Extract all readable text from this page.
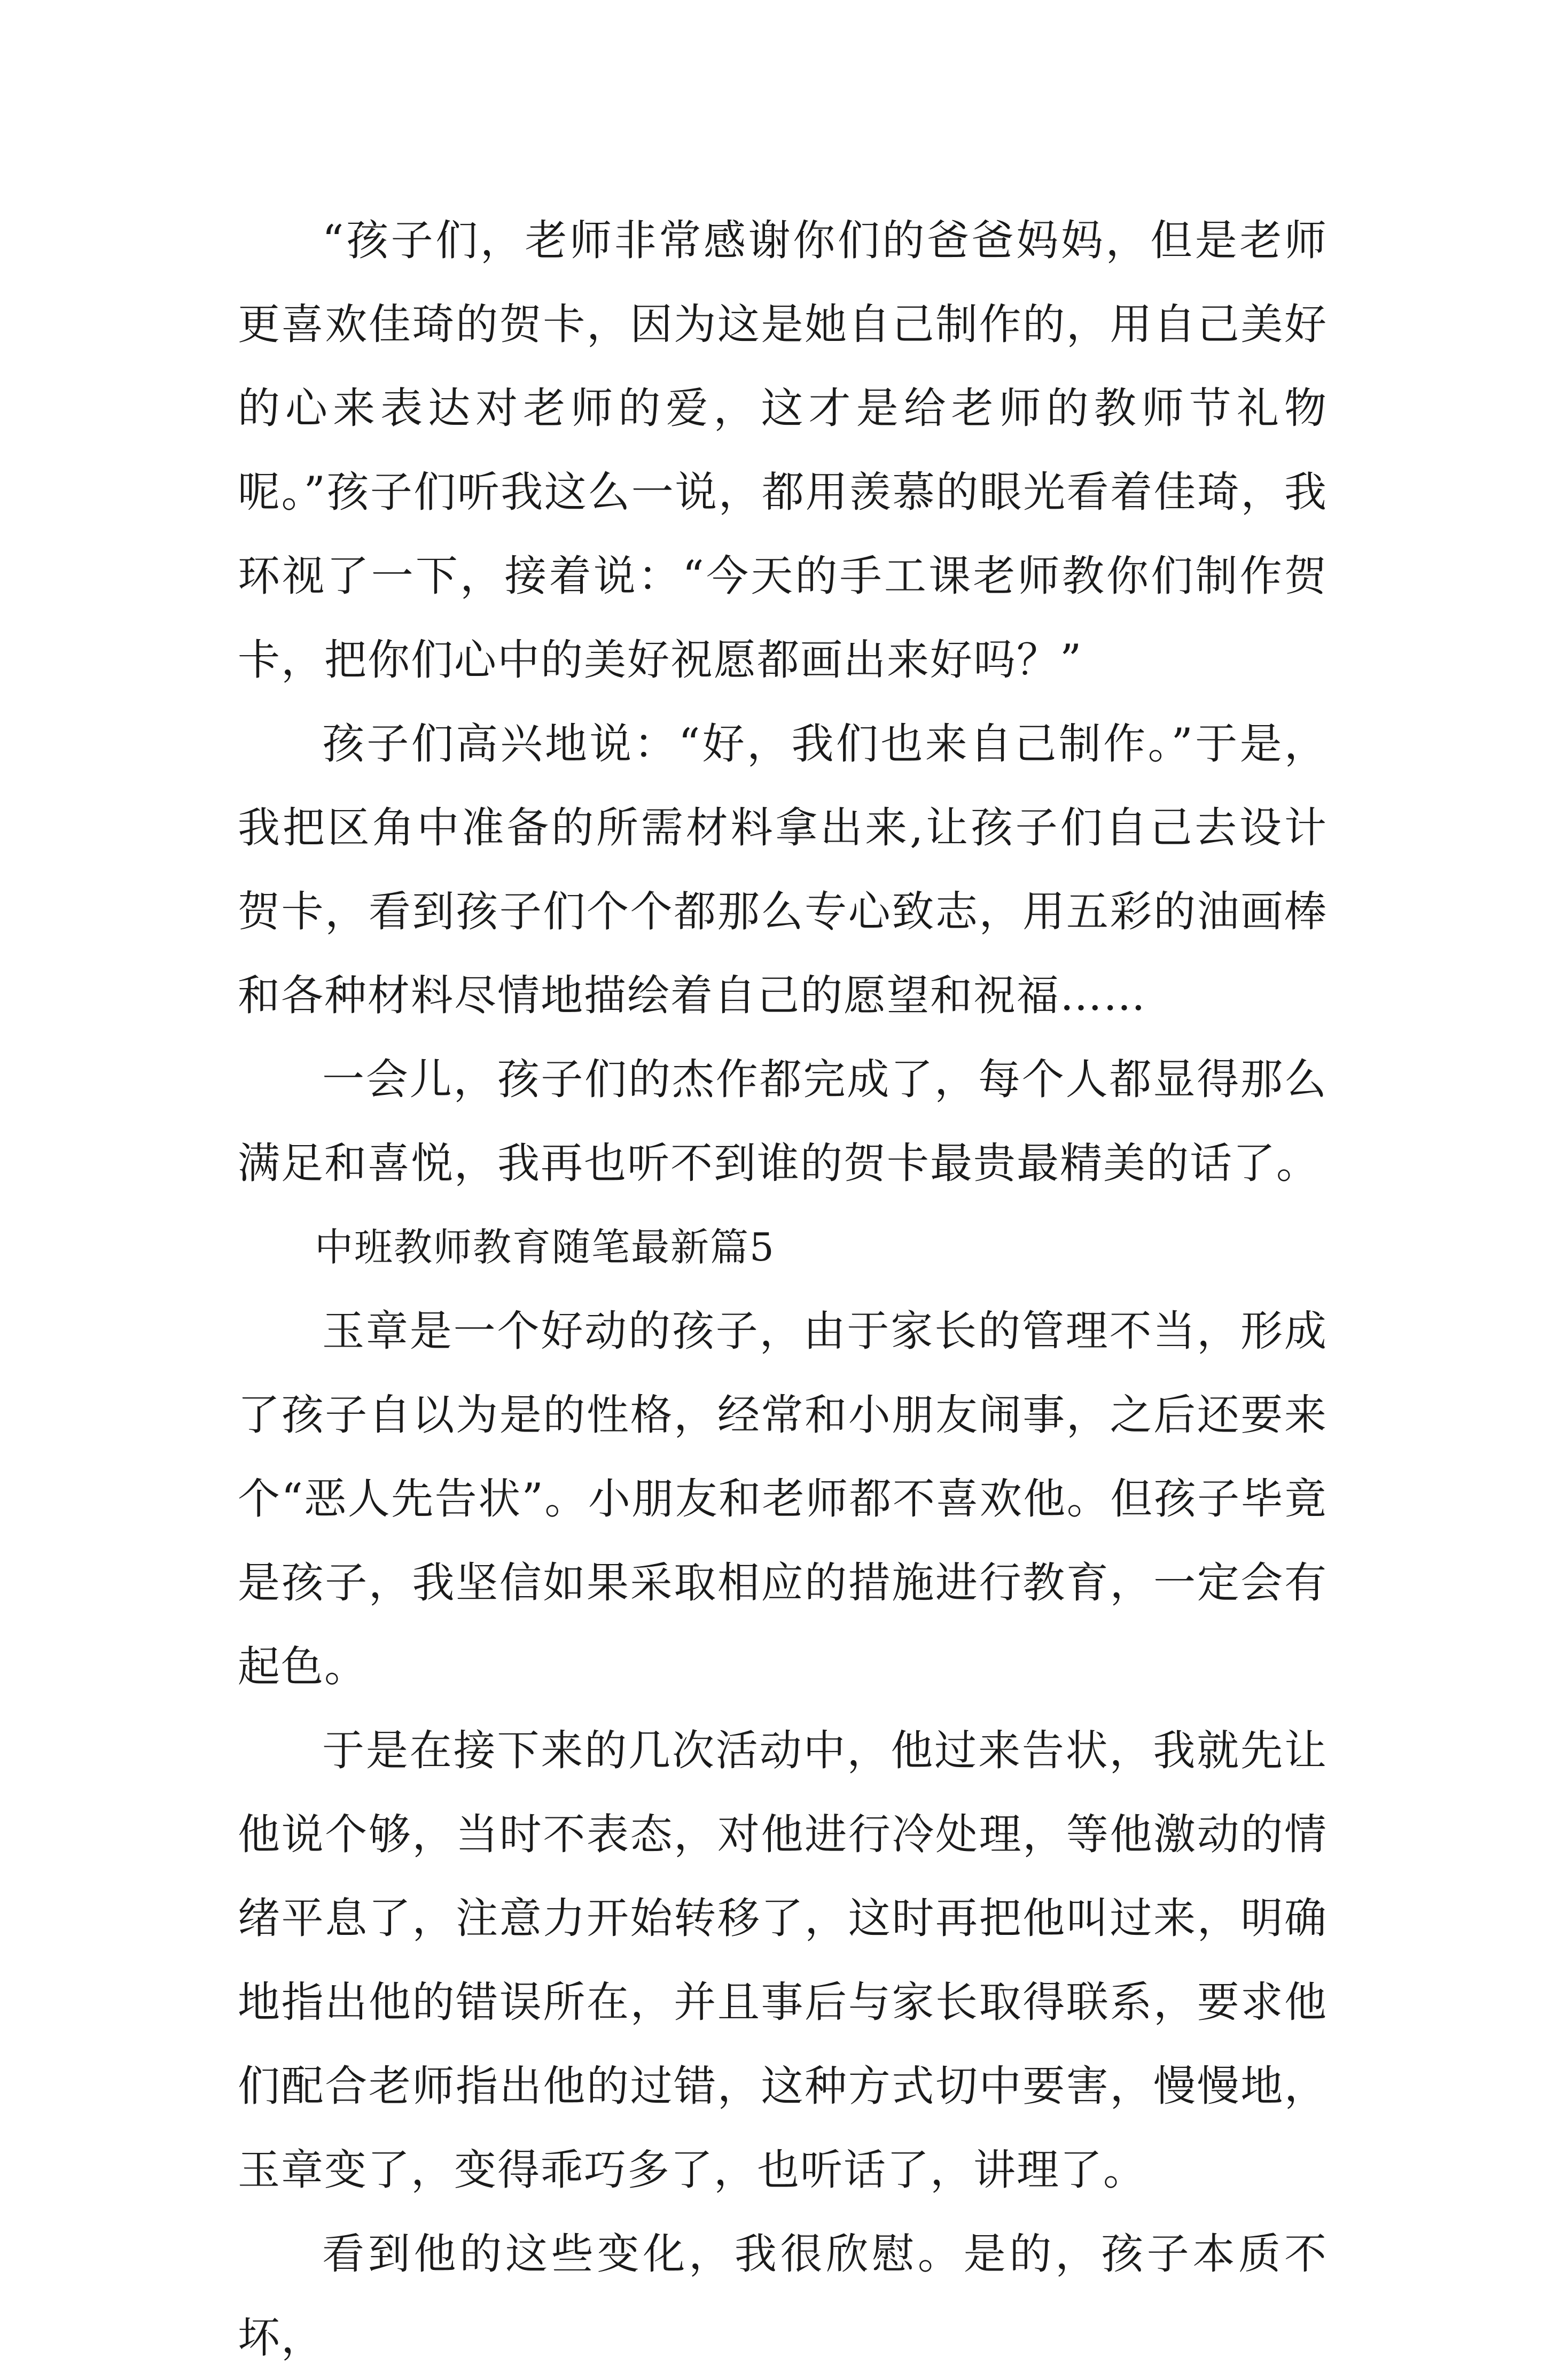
“孩子们，老师非常感谢你们的爸爸妈妈，但是老师更喜欢佳琦的贺卡，因为这是她自己制作的，用自己美好的心来表达对老师的爱，这才是给老师的教师节礼物呢。”孩子们听我这么一说，都用羡慕的眼光看着佳琦，我环视了一下，接着说：“今天的手工课老师教你们制作贺卡，把你们心中的美好祝愿都画出来好吗？”

孩子们高兴地说：“好，我们也来自己制作。”于是，我把区角中准备的所需材料拿出来,让孩子们自己去设计贺卡，看到孩子们个个都那么专心致志，用五彩的油画棒和各种材料尽情地描绘着自己的愿望和祝福……

一会儿，孩子们的杰作都完成了，每个人都显得那么满足和喜悦，我再也听不到谁的贺卡最贵最精美的话了。

中班教师教育随笔最新篇5

玉章是一个好动的孩子，由于家长的管理不当，形成了孩子自以为是的性格，经常和小朋友闹事，之后还要来个“恶人先告状”。小朋友和老师都不喜欢他。但孩子毕竟是孩子，我坚信如果采取相应的措施进行教育，一定会有起色。

于是在接下来的几次活动中，他过来告状，我就先让他说个够，当时不表态，对他进行冷处理，等他激动的情绪平息了，注意力开始转移了，这时再把他叫过来，明确地指出他的错误所在，并且事后与家长取得联系，要求他们配合老师指出他的过错，这种方式切中要害，慢慢地，玉章变了，变得乖巧多了，也听话了，讲理了。

看到他的这些变化，我很欣慰。是的，孩子本质不坏，
